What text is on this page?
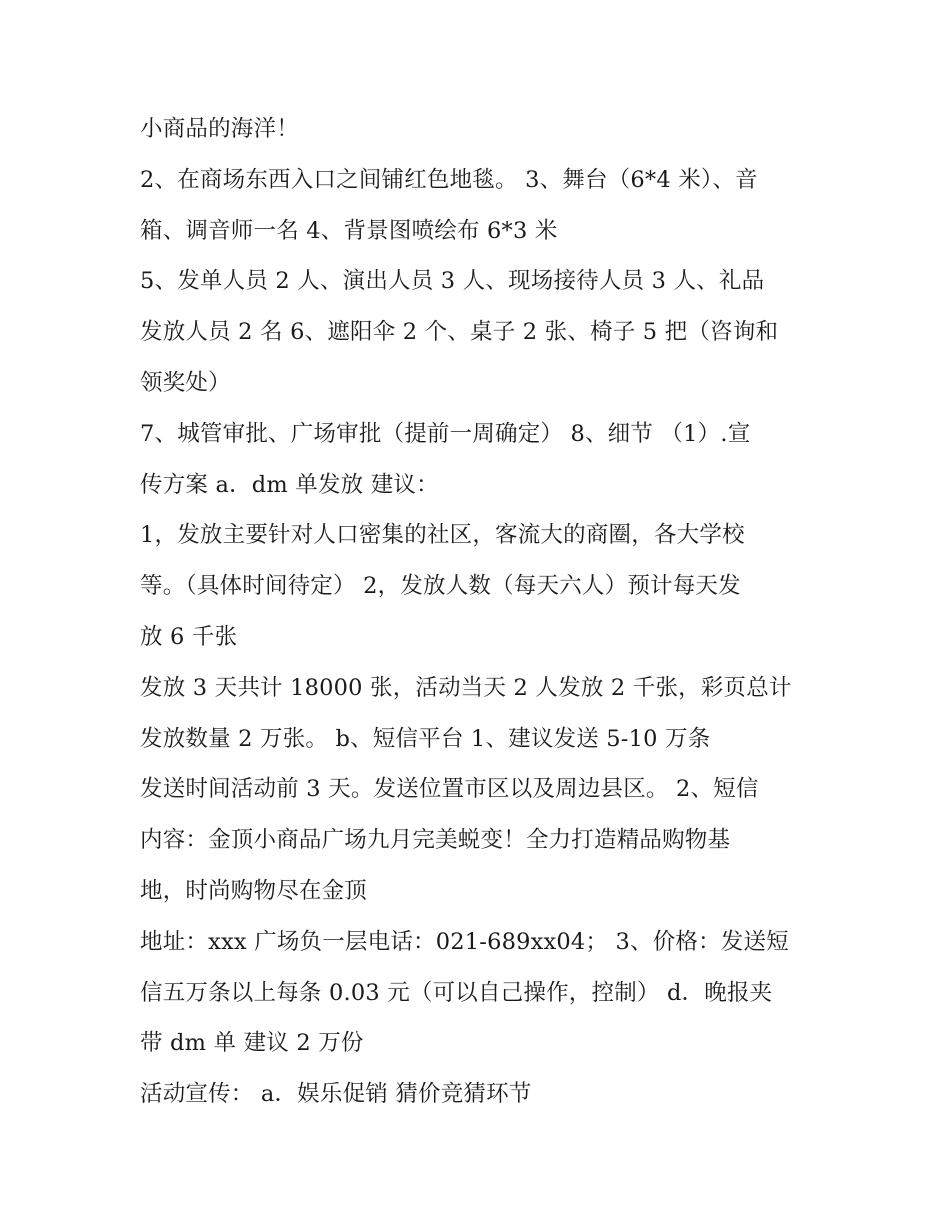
小商品的海洋！
2、在商场东西入口之间铺红色地毯。 3、舞台（6*4 米）、音
箱、调音师一名 4、背景图喷绘布 6*3 米
5、发单人员 2 人、演出人员 3 人、现场接待人员 3 人、礼品
发放人员 2 名 6、遮阳伞 2 个、桌子 2 张、椅子 5 把（咨询和
领奖处）
7、城管审批、广场审批（提前一周确定） 8、细节 （1）.宣
传方案 a．dm 单发放 建议：
1，发放主要针对人口密集的社区，客流大的商圈，各大学校
等。（具体时间待定） 2，发放人数（每天六人）预计每天发
放 6 千张
发放 3 天共计 18000 张，活动当天 2 人发放 2 千张，彩页总计
发放数量 2 万张。 b、短信平台 1、建议发送 5-10 万条
发送时间活动前 3 天。发送位置市区以及周边县区。 2、短信
内容：金顶小商品广场九月完美蜕变！全力打造精品购物基
地，时尚购物尽在金顶
地址：xxx 广场负一层电话：021-689xx04； 3、价格：发送短
信五万条以上每条 0.03 元（可以自己操作，控制） d．晚报夹
带 dm 单 建议 2 万份
活动宣传： a．娱乐促销 猜价竞猜环节
